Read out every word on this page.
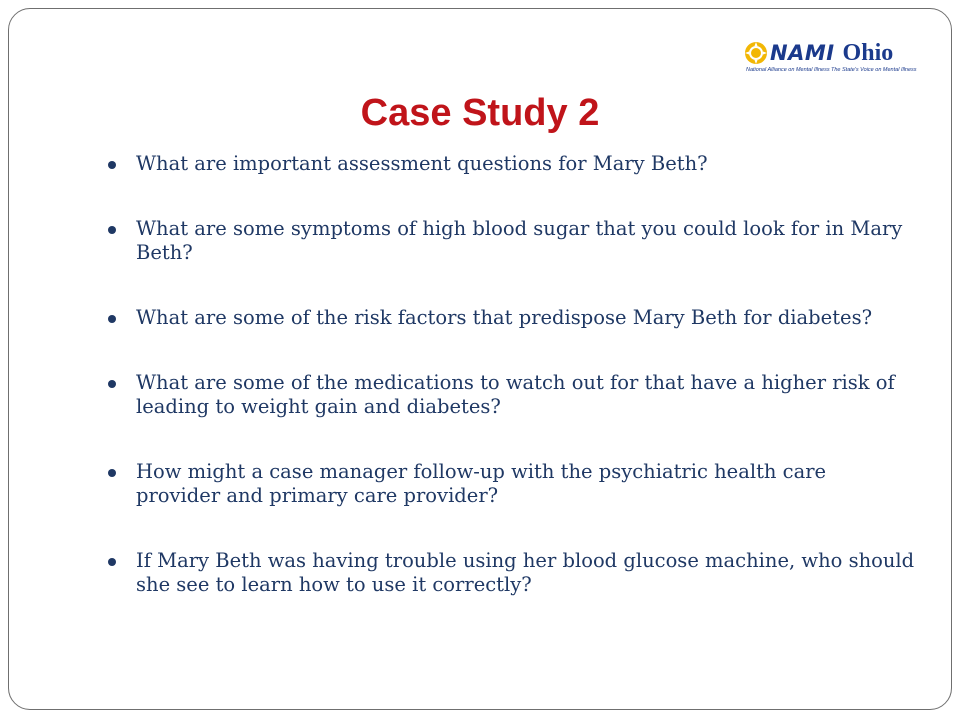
NAMI Ohio
National Alliance on Mental Illness The State's Voice on Mental Illness
Case Study 2
What are important assessment questions for Mary Beth?
What are some symptoms of high blood sugar that you could look for in Mary Beth?
What are some of the risk factors that predispose Mary Beth for diabetes?
What are some of the medications to watch out for that have a higher risk of leading to weight gain and diabetes?
How might a case manager follow-up with the psychiatric health care provider and primary care provider?
If Mary Beth was having trouble using her blood glucose machine, who should she see to learn how to use it correctly?
